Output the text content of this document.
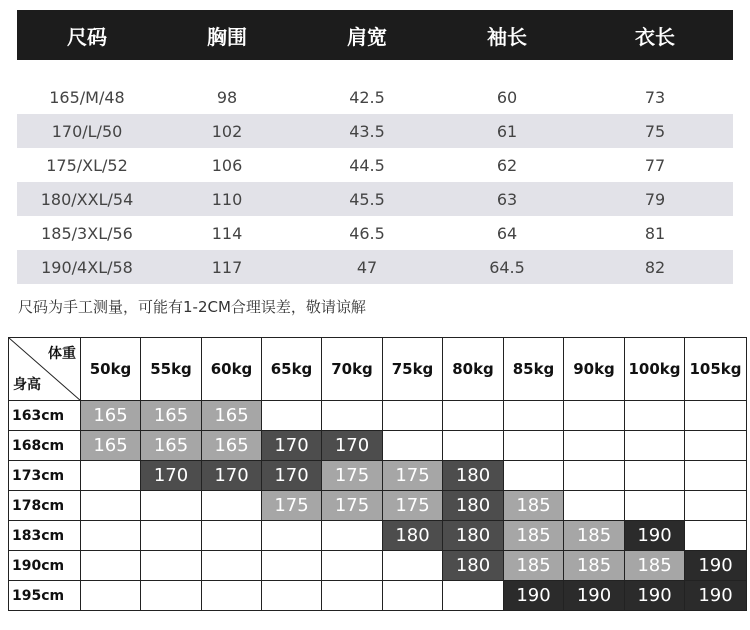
尺码	胸围	肩宽	袖长	衣长

165/M/48	98	42.5	60	73
170/L/50	102	43.5	61	75
175/XL/52	106	44.5	62	77
180/XXL/54	110	45.5	63	79
185/3XL/56	114	46.5	64	81
190/4XL/58	117	47	64.5	82
尺码为手工测量，可能有1-2CM合理误差，敬请谅解
体重
身高	50kg	55kg	60kg	65kg	70kg	75kg	80kg	85kg	90kg	100kg	105kg
163cm	165	165	165								
168cm	165	165	165	170	170						
173cm		170	170	170	175	175	180				
178cm				175	175	175	180	185			
183cm						180	180	185	185	190	
190cm							180	185	185	185	190
195cm								190	190	190	190
